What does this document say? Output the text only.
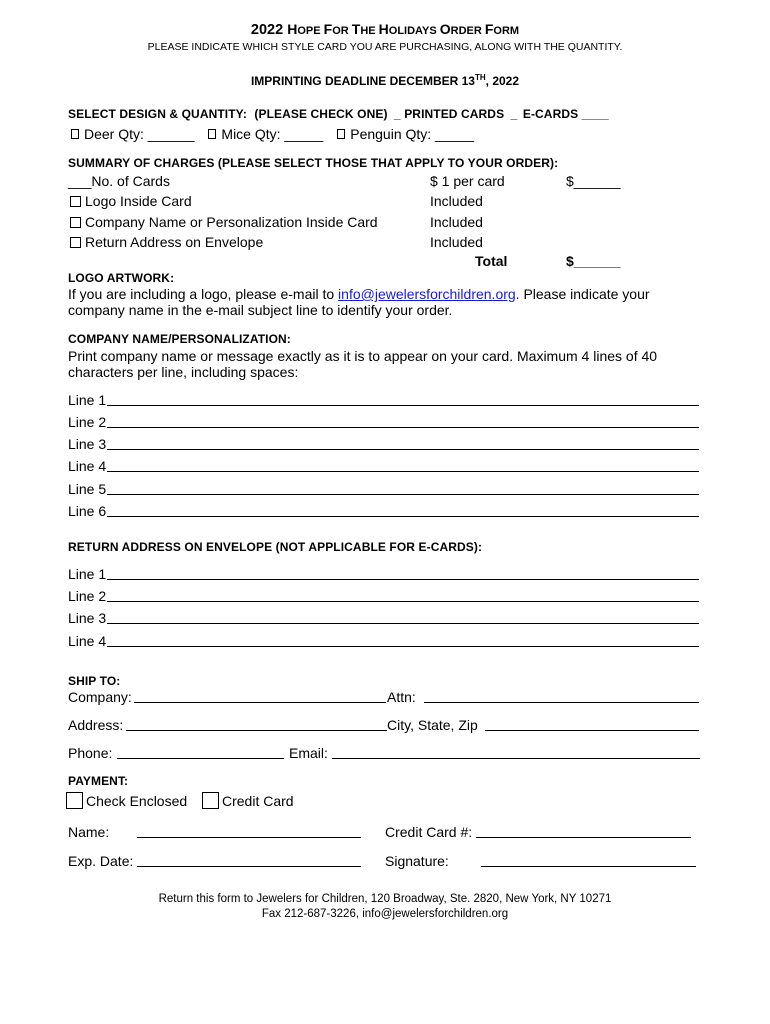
2022 HOPE FOR THE HOLIDAYS ORDER FORM
PLEASE INDICATE WHICH STYLE CARD YOU ARE PURCHASING, ALONG WITH THE QUANTITY.
IMPRINTING DEADLINE DECEMBER 13TH, 2022
SELECT DESIGN & QUANTITY: (PLEASE CHECK ONE) _ PRINTED CARDS _ E-CARDS ____
Deer Qty: ______ Mice Qty: _____ Penguin Qty: _____
SUMMARY OF CHARGES (PLEASE SELECT THOSE THAT APPLY TO YOUR ORDER):
___No. of Cards	$ 1 per card	$______
Logo Inside Card	Included
Company Name or Personalization Inside Card	Included
Return Address on Envelope	Included
Total	$______
LOGO ARTWORK:
If you are including a logo, please e-mail to info@jewelersforchildren.org. Please indicate your
company name in the e-mail subject line to identify your order.
COMPANY NAME/PERSONALIZATION:
Print company name or message exactly as it is to appear on your card. Maximum 4 lines of 40
characters per line, including spaces:
Line 1
Line 2
Line 3
Line 4
Line 5
Line 6
RETURN ADDRESS ON ENVELOPE (NOT APPLICABLE FOR E-CARDS):
Line 1
Line 2
Line 3
Line 4
SHIP TO:
Company:	Attn:
Address:	City, State, Zip
Phone:	Email:
PAYMENT:
Check Enclosed	Credit Card
Name:	Credit Card #:
Exp. Date:	Signature:
Return this form to Jewelers for Children, 120 Broadway, Ste. 2820, New York, NY 10271
Fax 212-687-3226, info@jewelersforchildren.org
